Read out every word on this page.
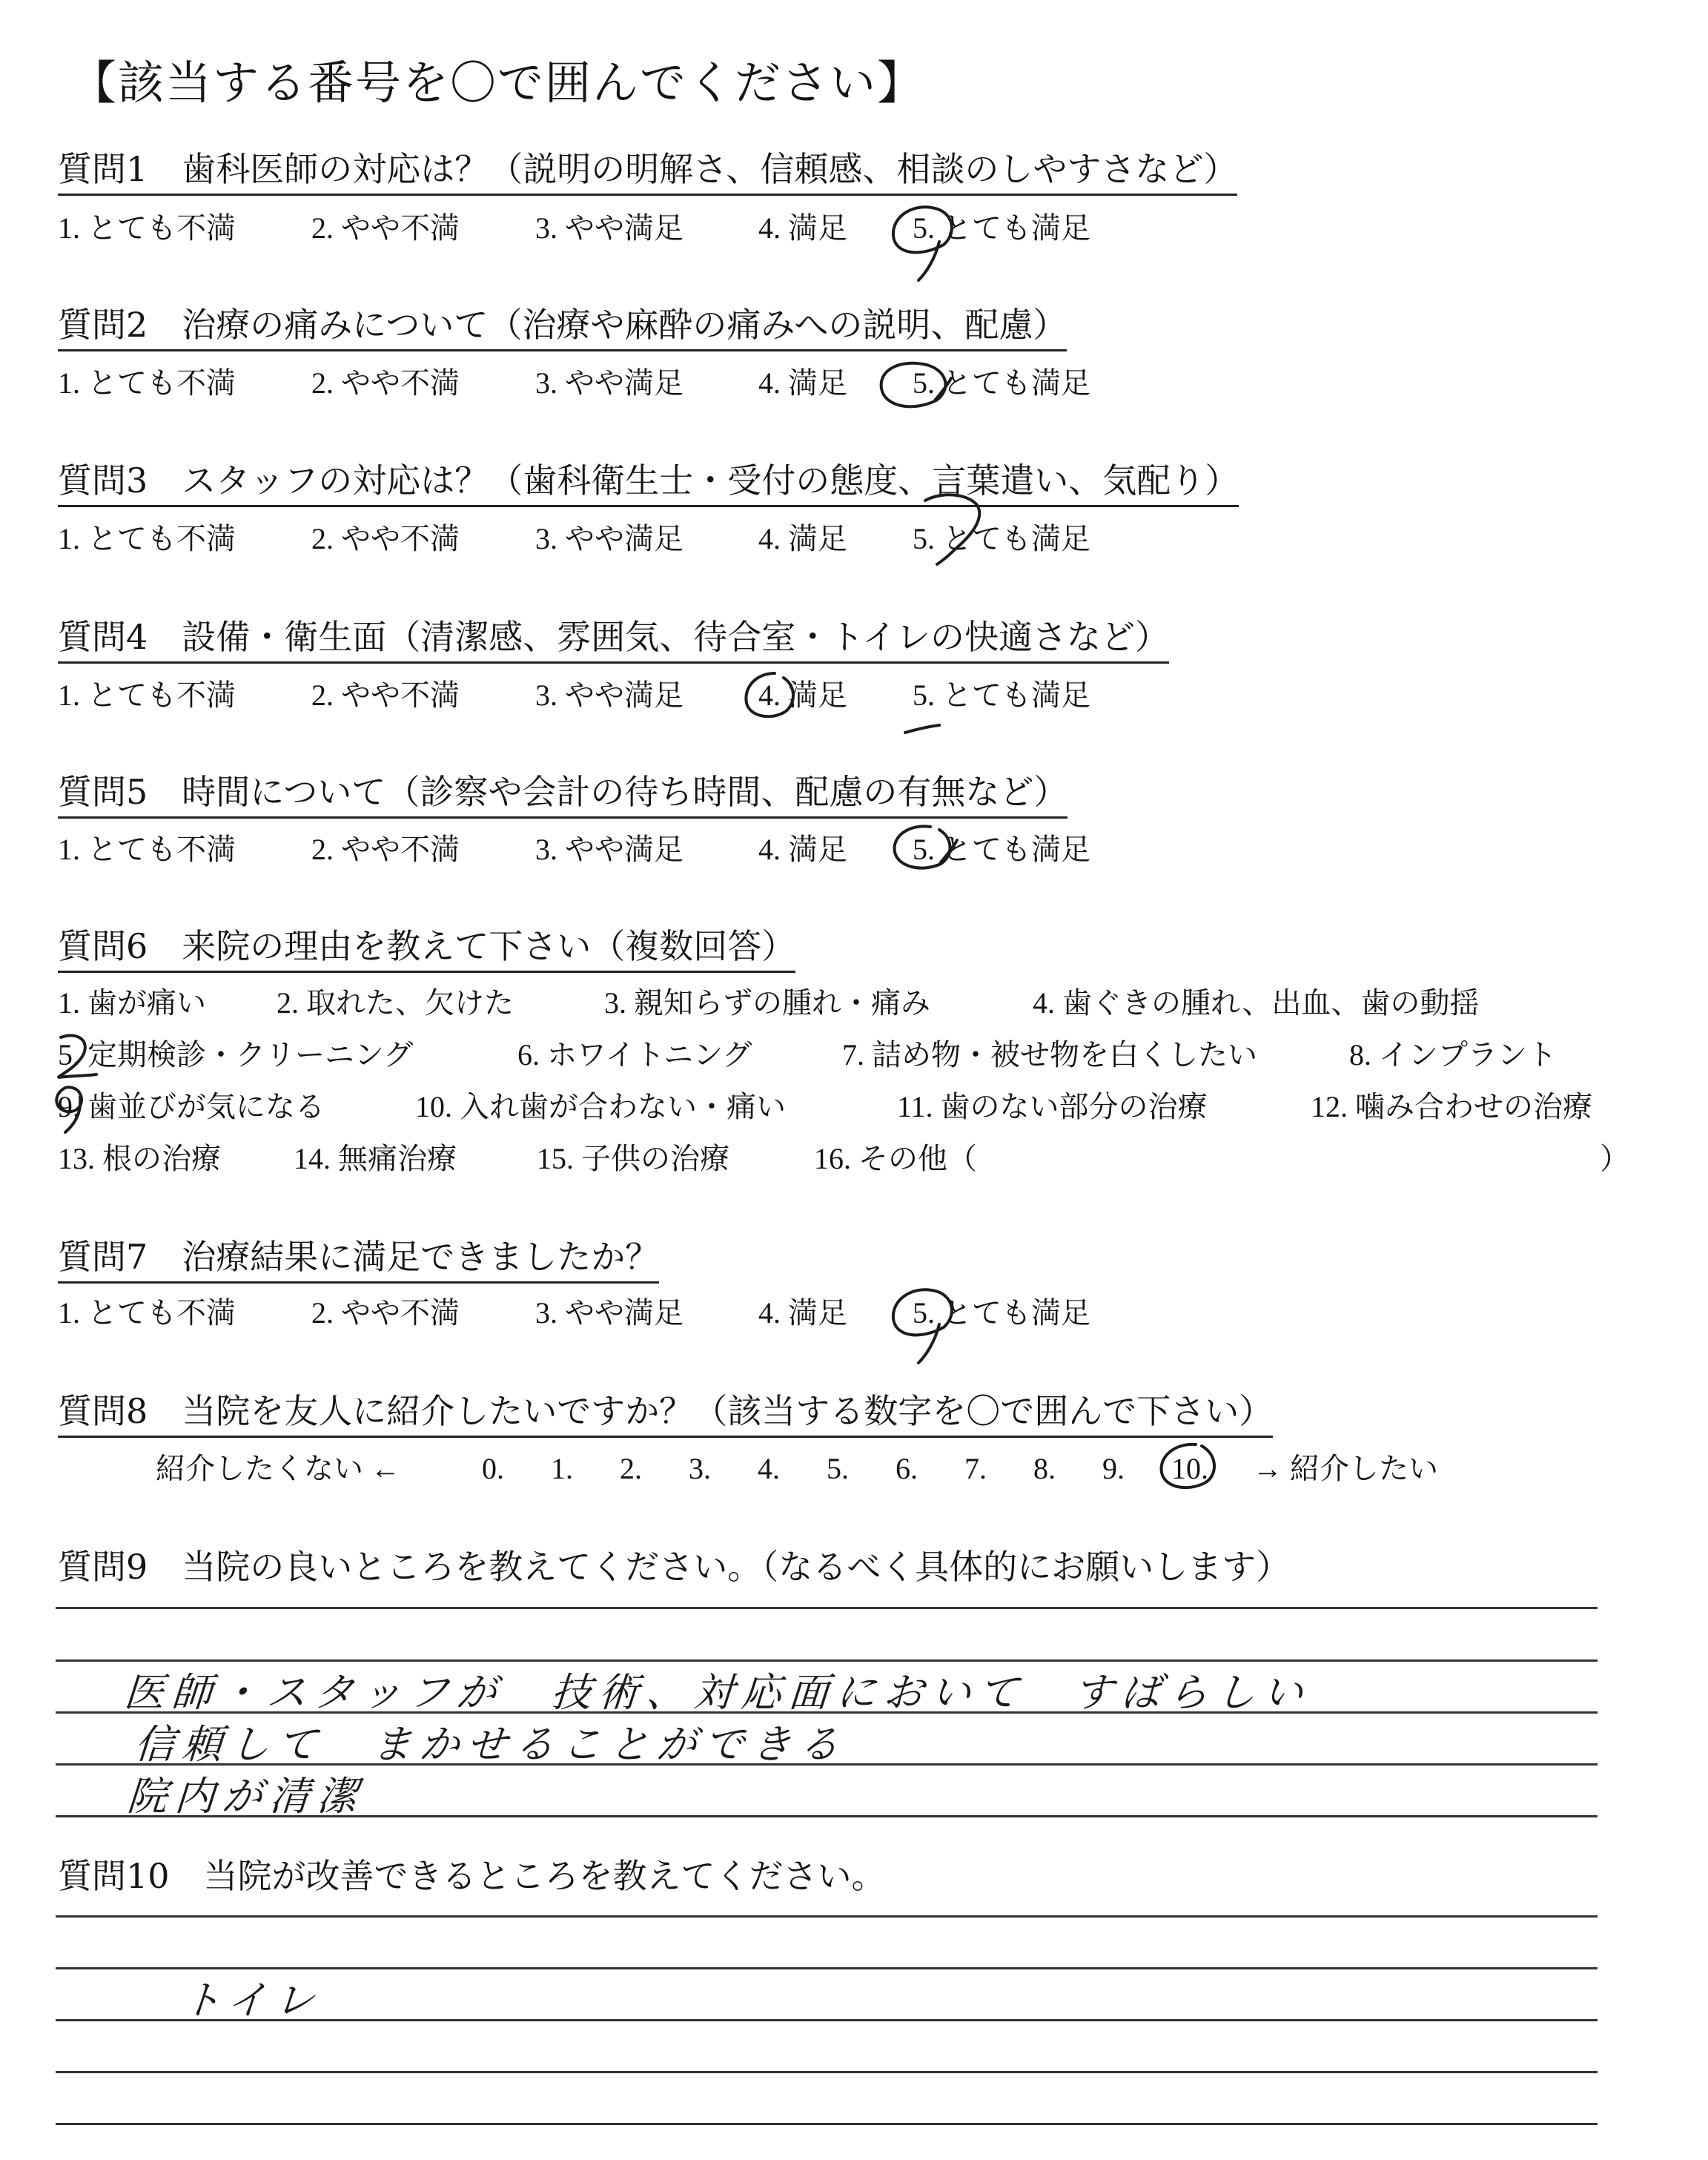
【該当する番号を〇で囲んでください】
質問1　歯科医師の対応は？（説明の明解さ、信頼感、相談のしやすさなど）
1. とても不満	2. やや不満	3. やや満足	4. 満足 5. とても満足
質問2　治療の痛みについて（治療や麻酔の痛みへの説明、配慮）
1. とても不満	2. やや不満	3. やや満足	4. 満足 5. とても満足
質問3　スタッフの対応は？（歯科衛生士・受付の態度、言葉遣い、気配り）
1. とても不満	2. やや不満	3. やや満足	4. 満足 5. とても満足
質問4　設備・衛生面（清潔感、雰囲気、待合室・トイレの快適さなど）
1. とても不満	2. やや不満	3. やや満足	4. 満足 5. とても満足
質問5　時間について（診察や会計の待ち時間、配慮の有無など）
1. とても不満	2. やや不満	3. やや満足	4. 満足 5. とても満足
質問6　来院の理由を教えて下さい（複数回答）
1. 歯が痛い 2. 取れた、欠けた	3. 親知らずの腫れ・痛み	4. 歯ぐきの腫れ、出血、歯の動揺
5. 定期検診・クリーニング	6. ホワイトニング	7. 詰め物・被せ物を白くしたい	8. インプラント
9. 歯並びが気になる	10. 入れ歯が合わない・痛い	11. 歯のない部分の治療	12. 噛み合わせの治療
13. 根の治療 14. 無痛治療	15. 子供の治療	16. その他（	）
質問7　治療結果に満足できましたか？
1. とても不満	2. やや不満	3. やや満足	4. 満足 5. とても満足
質問8　当院を友人に紹介したいですか？（該当する数字を〇で囲んで下さい）
紹介したくない ←	0. 1. 2. 3. 4. 5. 6. 7. 8. 9. 10. → 紹介したい
質問9　当院の良いところを教えてください。（なるべく具体的にお願いします）
医師・スタッフが　技術、対応面において　すばらしい
信頼して　まかせることができる
院内が清潔
質問10　当院が改善できるところを教えてください。
トイレ
